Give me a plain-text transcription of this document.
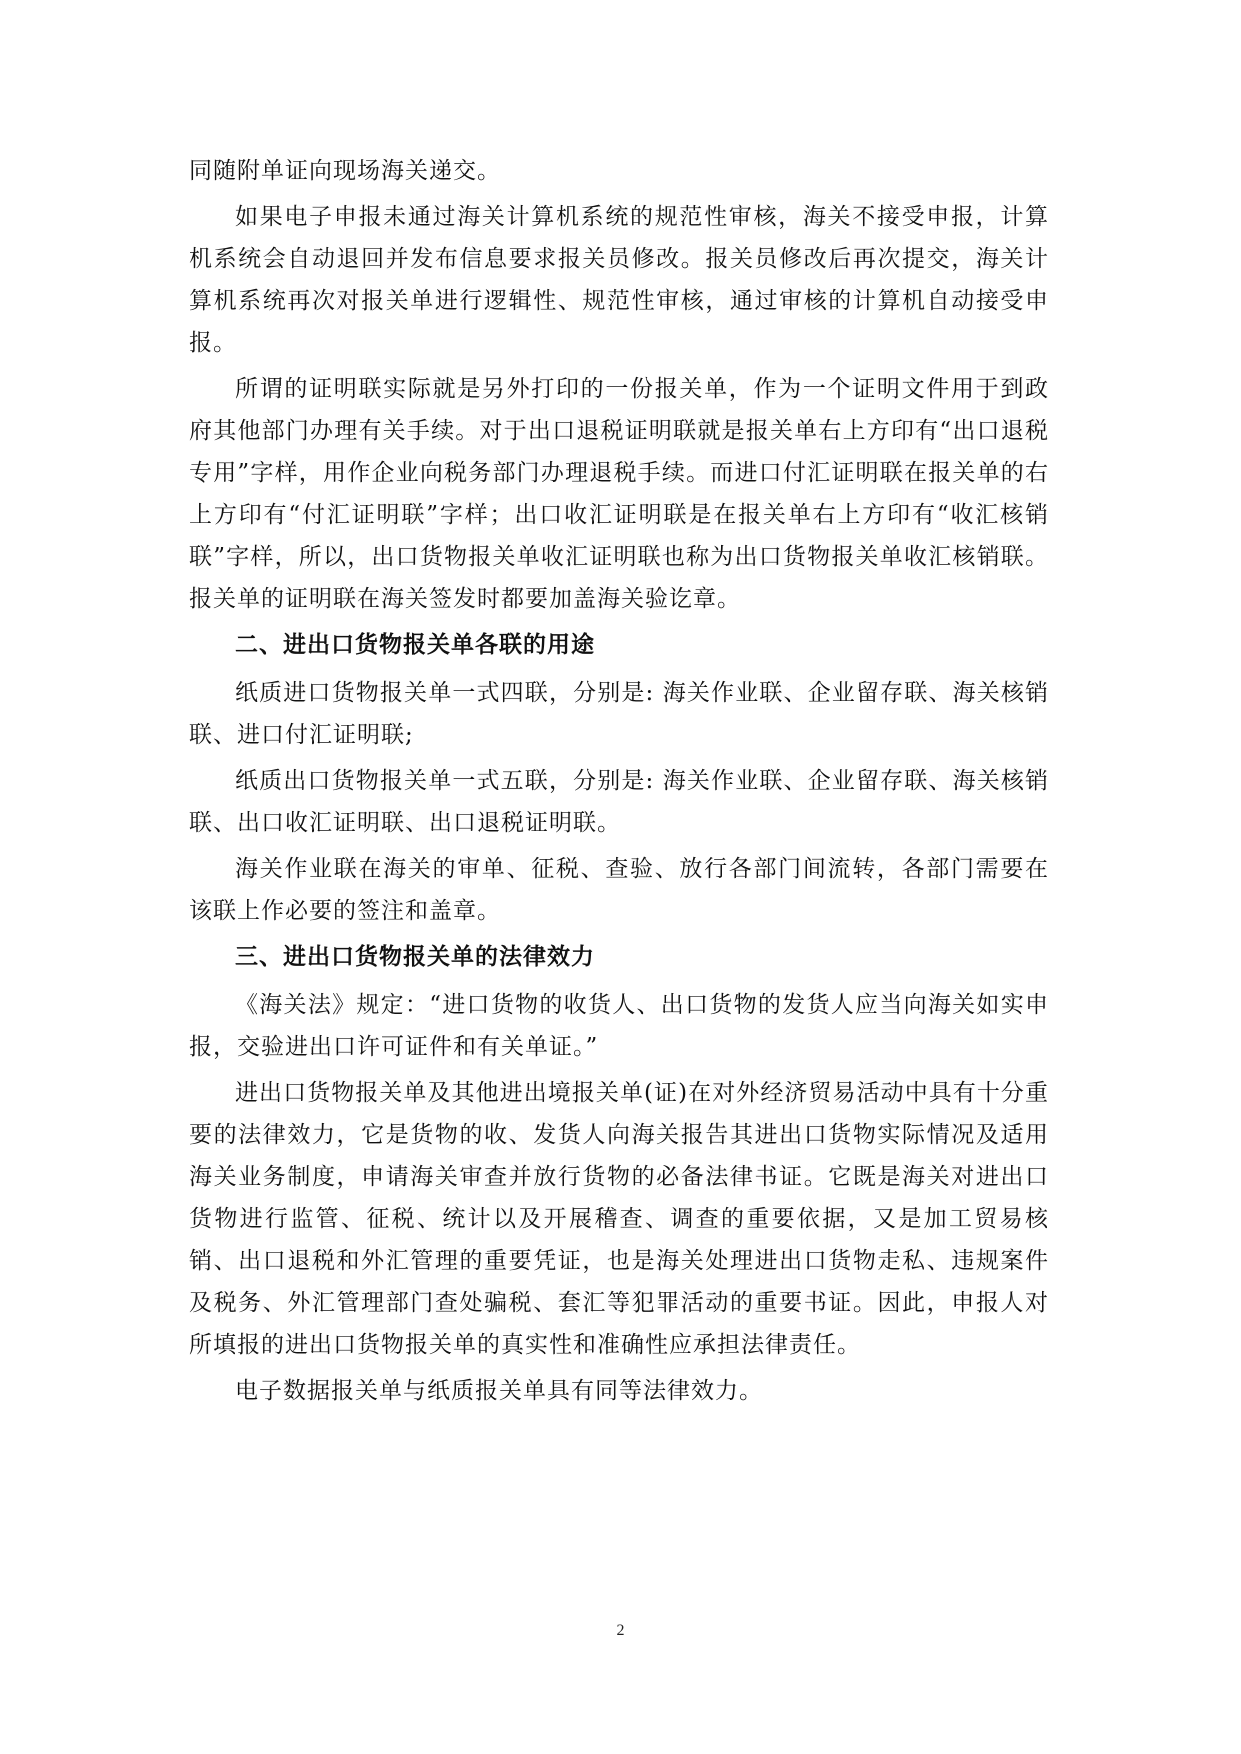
同随附单证向现场海关递交。

如果电子申报未通过海关计算机系统的规范性审核，海关不接受申报，计算机系统会自动退回并发布信息要求报关员修改。报关员修改后再次提交，海关计算机系统再次对报关单进行逻辑性、规范性审核，通过审核的计算机自动接受申报。

所谓的证明联实际就是另外打印的一份报关单，作为一个证明文件用于到政府其他部门办理有关手续。对于出口退税证明联就是报关单右上方印有“出口退税专用”字样，用作企业向税务部门办理退税手续。而进口付汇证明联在报关单的右上方印有“付汇证明联”字样；出口收汇证明联是在报关单右上方印有“收汇核销联”字样，所以，出口货物报关单收汇证明联也称为出口货物报关单收汇核销联。报关单的证明联在海关签发时都要加盖海关验讫章。

二、进出口货物报关单各联的用途

纸质进口货物报关单一式四联，分别是: 海关作业联、企业留存联、海关核销联、进口付汇证明联;

纸质出口货物报关单一式五联，分别是: 海关作业联、企业留存联、海关核销联、出口收汇证明联、出口退税证明联。

海关作业联在海关的审单、征税、查验、放行各部门间流转，各部门需要在该联上作必要的签注和盖章。

三、进出口货物报关单的法律效力

《海关法》规定：“进口货物的收货人、出口货物的发货人应当向海关如实申报，交验进出口许可证件和有关单证。”

进出口货物报关单及其他进出境报关单(证)在对外经济贸易活动中具有十分重要的法律效力，它是货物的收、发货人向海关报告其进出口货物实际情况及适用海关业务制度，申请海关审查并放行货物的必备法律书证。它既是海关对进出口货物进行监管、征税、统计以及开展稽查、调查的重要依据，又是加工贸易核销、出口退税和外汇管理的重要凭证，也是海关处理进出口货物走私、违规案件及税务、外汇管理部门查处骗税、套汇等犯罪活动的重要书证。因此，申报人对所填报的进出口货物报关单的真实性和准确性应承担法律责任。

电子数据报关单与纸质报关单具有同等法律效力。

2
